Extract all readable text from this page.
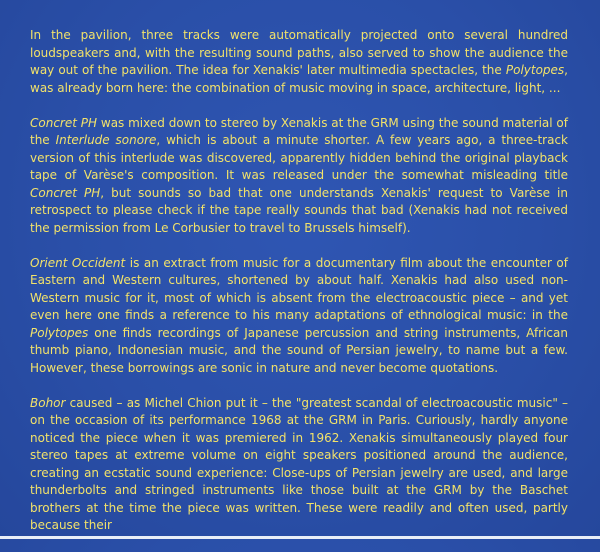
In the pavilion, three tracks were automatically projected onto several hundred loudspeakers and, with the resulting sound paths, also served to show the audience the way out of the pavilion. The idea for Xenakis' later multimedia spectacles, the Polytopes, was already born here: the combination of music moving in space, architecture, light, ...

Concret PH was mixed down to stereo by Xenakis at the GRM using the sound material of the Interlude sonore, which is about a minute shorter. A few years ago, a three-track version of this interlude was discovered, apparently hidden behind the original playback tape of Varèse's composition. It was released under the somewhat misleading title Concret PH, but sounds so bad that one understands Xenakis' request to Varèse in retrospect to please check if the tape really sounds that bad (Xenakis had not received the permission from Le Corbusier to travel to Brussels himself).

Orient Occident is an extract from music for a documentary film about the encounter of Eastern and Western cultures, shortened by about half. Xenakis had also used non-Western music for it, most of which is absent from the electroacoustic piece – and yet even here one finds a reference to his many adaptations of ethnological music: in the Polytopes one finds recordings of Japanese percussion and string instruments, African thumb piano, Indonesian music, and the sound of Persian jewelry, to name but a few. However, these borrowings are sonic in nature and never become quotations.

Bohor caused – as Michel Chion put it – the "greatest scandal of electroacoustic music" – on the occasion of its performance 1968 at the GRM in Paris. Curiously, hardly anyone noticed the piece when it was premiered in 1962. Xenakis simultaneously played four stereo tapes at extreme volume on eight speakers positioned around the audience, creating an ecstatic sound experience: Close-ups of Persian jewelry are used, and large thunderbolts and stringed instruments like those built at the GRM by the Baschet brothers at the time the piece was written. These were readily and often used, partly because their
